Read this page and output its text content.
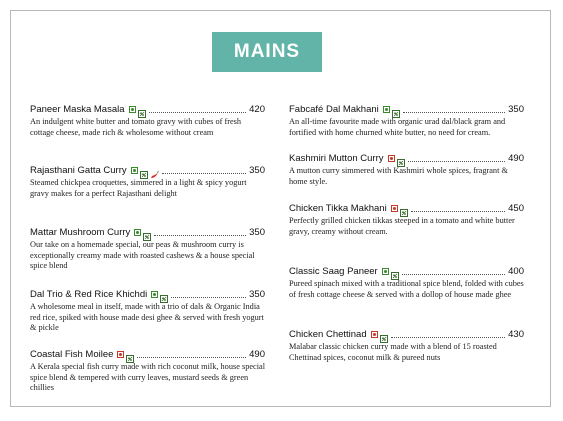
MAINS
Paneer Maska Masala	420
An indulgent white butter and tomato gravy with cubes of fresh cottage cheese, made rich & wholesome without cream
Rajasthani Gatta Curry	350
Steamed chickpea croquettes, simmered in a light & spicy yogurt gravy makes for a perfect Rajasthani delight
Mattar Mushroom Curry	350
Our take on a homemade special, our peas & mushroom curry is exceptionally creamy made with roasted cashews & a house special spice blend
Dal Trio & Red Rice Khichdi	350
A wholesome meal in itself, made with a trio of dals & Organic India red rice, spiked with house made desi ghee & served with fresh yogurt & pickle
Coastal Fish Moilee	490
A Kerala special fish curry made with rich coconut milk, house special spice blend & tempered with curry leaves, mustard seeds & green chillies
Fabcafé Dal Makhani	350
An all-time favourite made with organic urad dal/black gram and fortified with home churned white butter, no need for cream.
Kashmiri Mutton Curry	490
A mutton curry simmered with Kashmiri whole spices, fragrant & home style.
Chicken Tikka Makhani	450
Perfectly grilled chicken tikkas steeped in a tomato and white butter gravy, creamy without cream.
Classic Saag Paneer	400
Pureed spinach mixed with a traditional spice blend, folded with cubes of fresh cottage cheese & served with a dollop of house made ghee
Chicken Chettinad	430
Malabar classic chicken curry made with a blend of 15 roasted Chettinad spices, coconut milk & pureed nuts
